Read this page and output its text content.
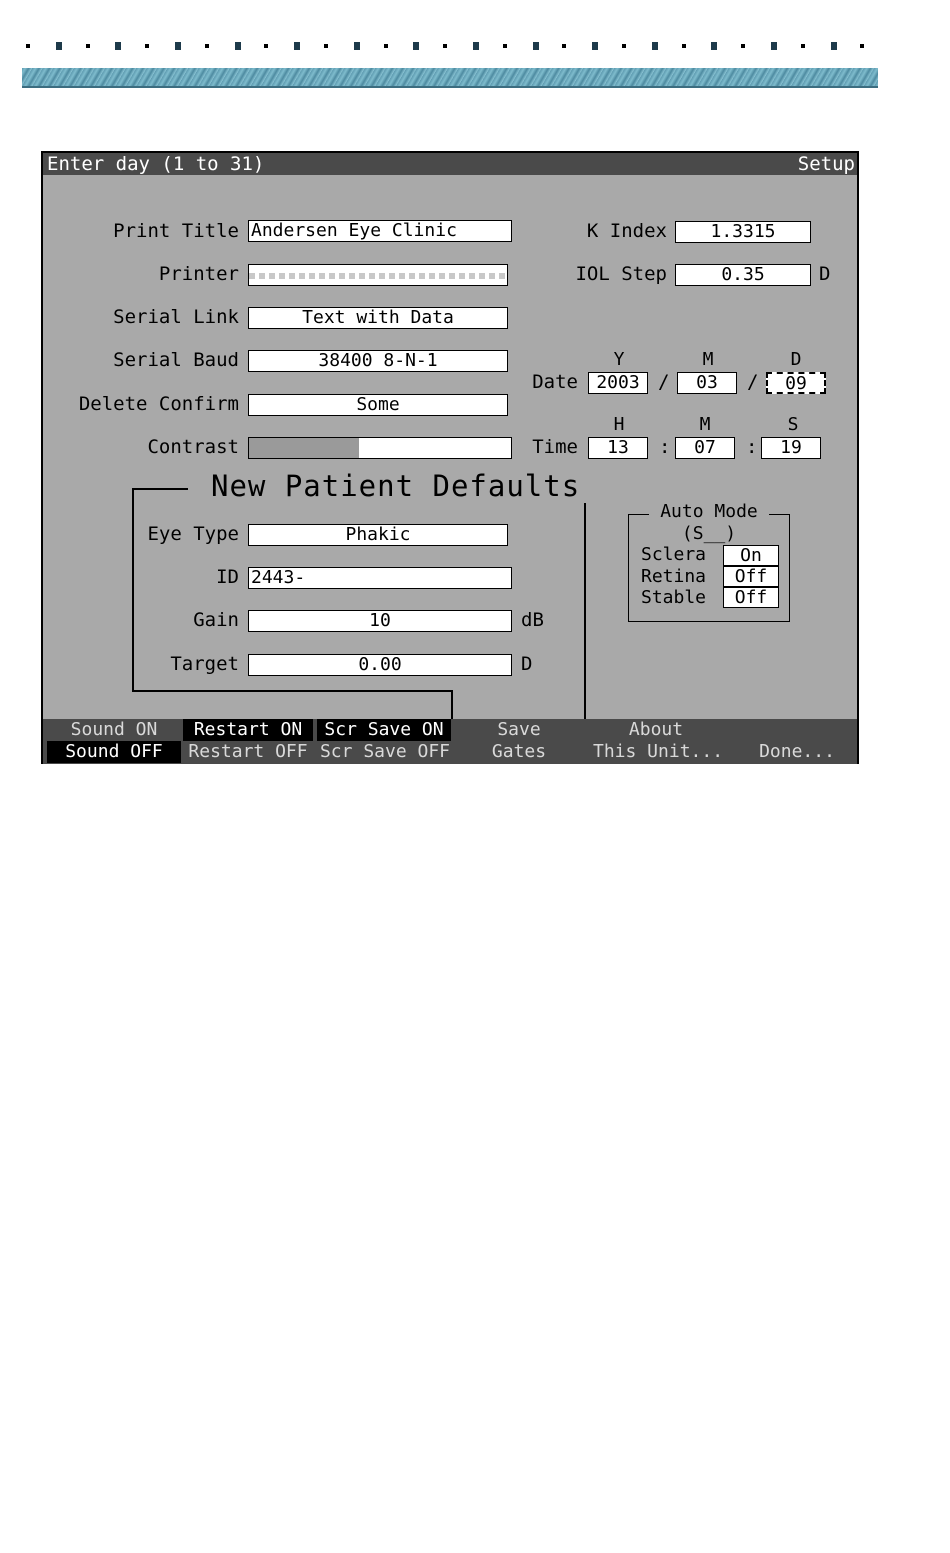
Enter day (1 to 31)	Setup
Print Title Andersen Eye Clinic
Printer
Serial Link	Text with Data
Serial Baud	38400 8-N-1
Delete Confirm	Some
Contrast
K Index	1.3315
IOL Step	0.35	D
Y	M	D
Date	2003 /	03	/	09
H	M	S
Time	13	:	07	:	19
New Patient Defaults
Eye Type	Phakic
ID 2443-
Gain	10	dB
Target	0.00	D
Auto Mode
(S__)
Sclera	On
Retina	Off
Stable	Off
Sound ON
Sound OFF
Restart ON
Restart OFF
Scr Save ON
Scr Save OFF
Save
Gates
About
This Unit...	Done...
